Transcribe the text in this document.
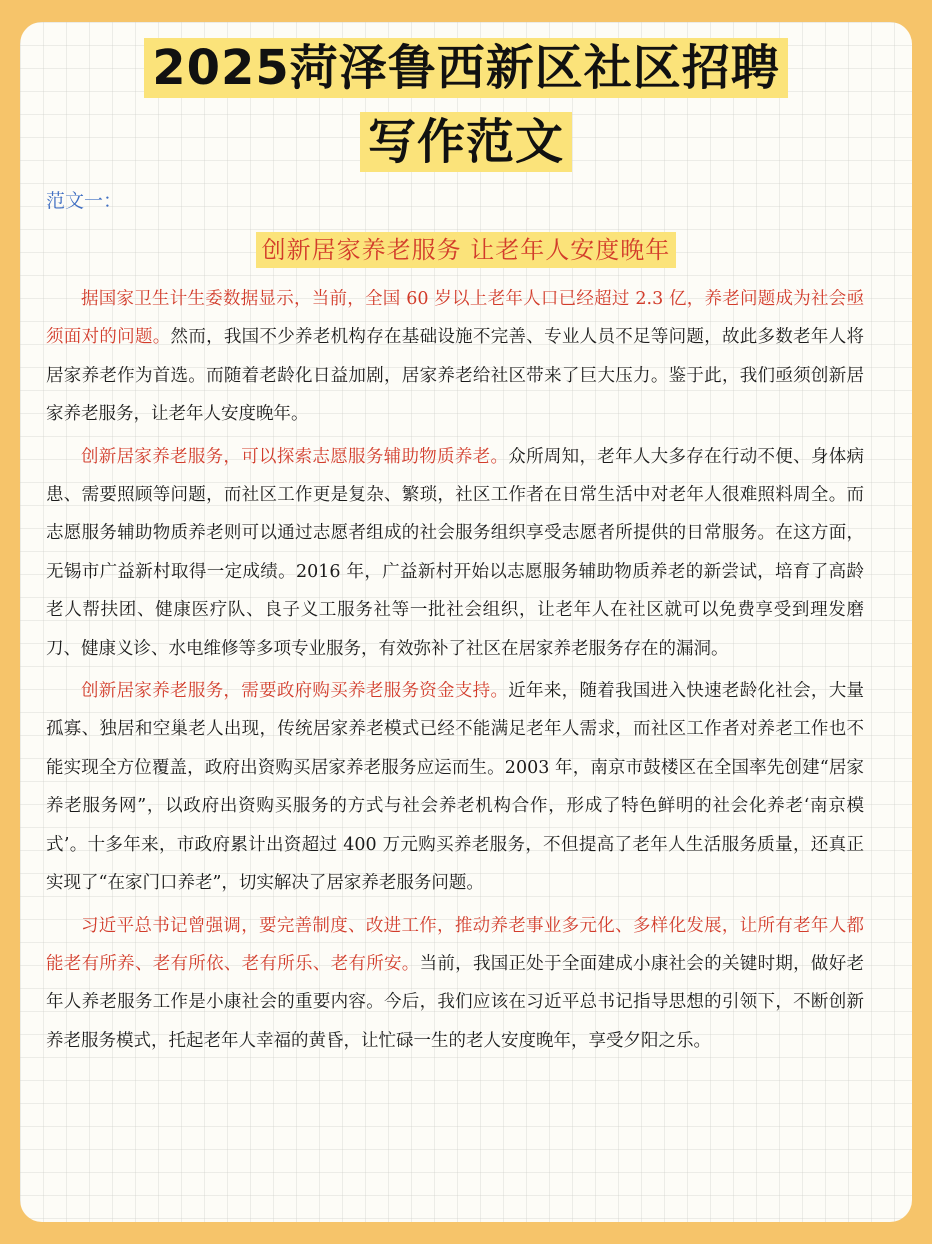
2025菏泽鲁西新区社区招聘
写作范文
范文一：
创新居家养老服务 让老年人安度晚年

据国家卫生计生委数据显示，当前，全国 60 岁以上老年人口已经超过 2.3 亿，养老问题成为社会亟须面对的问题。然而，我国不少养老机构存在基础设施不完善、专业人员不足等问题，故此多数老年人将居家养老作为首选。而随着老龄化日益加剧，居家养老给社区带来了巨大压力。鉴于此，我们亟须创新居家养老服务，让老年人安度晚年。

创新居家养老服务，可以探索志愿服务辅助物质养老。众所周知，老年人大多存在行动不便、身体病患、需要照顾等问题，而社区工作更是复杂、繁琐，社区工作者在日常生活中对老年人很难照料周全。而志愿服务辅助物质养老则可以通过志愿者组成的社会服务组织享受志愿者所提供的日常服务。在这方面，无锡市广益新村取得一定成绩。2016 年，广益新村开始以志愿服务辅助物质养老的新尝试，培育了高龄老人帮扶团、健康医疗队、良子义工服务社等一批社会组织，让老年人在社区就可以免费享受到理发磨刀、健康义诊、水电维修等多项专业服务，有效弥补了社区在居家养老服务存在的漏洞。

创新居家养老服务，需要政府购买养老服务资金支持。近年来，随着我国进入快速老龄化社会，大量孤寡、独居和空巢老人出现，传统居家养老模式已经不能满足老年人需求，而社区工作者对养老工作也不能实现全方位覆盖，政府出资购买居家养老服务应运而生。2003 年，南京市鼓楼区在全国率先创建“居家养老服务网”，以政府出资购买服务的方式与社会养老机构合作，形成了特色鲜明的社会化养老‘南京模式’。十多年来，市政府累计出资超过 400 万元购买养老服务，不但提高了老年人生活服务质量，还真正实现了“在家门口养老”，切实解决了居家养老服务问题。

习近平总书记曾强调，要完善制度、改进工作，推动养老事业多元化、多样化发展，让所有老年人都能老有所养、老有所依、老有所乐、老有所安。当前，我国正处于全面建成小康社会的关键时期，做好老年人养老服务工作是小康社会的重要内容。今后，我们应该在习近平总书记指导思想的引领下，不断创新养老服务模式，托起老年人幸福的黄昏，让忙碌一生的老人安度晚年，享受夕阳之乐。
